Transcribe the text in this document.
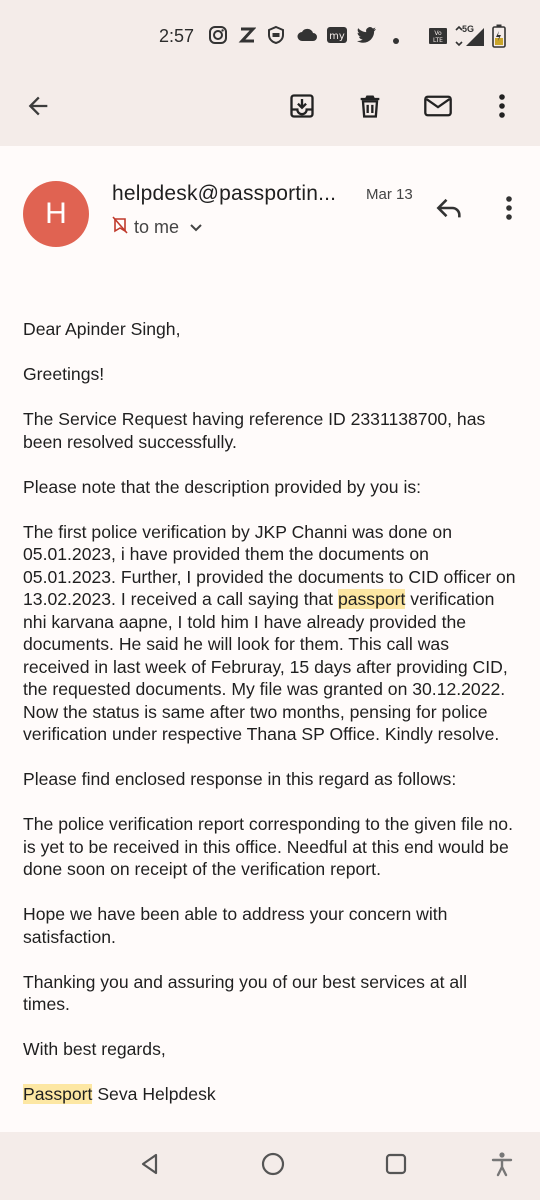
2:57	my	Vo
LTE
5G
H
helpdesk@passportin... Mar 13
to me

Dear Apinder Singh,

Greetings!

The Service Request having reference ID 2331138700, has been resolved successfully.

Please note that the description provided by you is:

The first police verification by JKP Channi was done on 05.01.2023, i have provided them the documents on 05.01.2023. Further, I provided the documents to CID officer on 13.02.2023. I received a call saying that passport verification nhi karvana aapne, I told him I have already provided the documents. He said he will look for them. This call was received in last week of Februray, 15 days after providing CID, the requested documents. My file was granted on 30.12.2022. Now the status is same after two months, pensing for police verification under respective Thana SP Office. Kindly resolve.

Please find enclosed response in this regard as follows:

The police verification report corresponding to the given file no. is yet to be received in this office. Needful at this end would be done soon on receipt of the verification report.

Hope we have been able to address your concern with satisfaction.

Thanking you and assuring you of our best services at all times.

With best regards,

Passport Seva Helpdesk
